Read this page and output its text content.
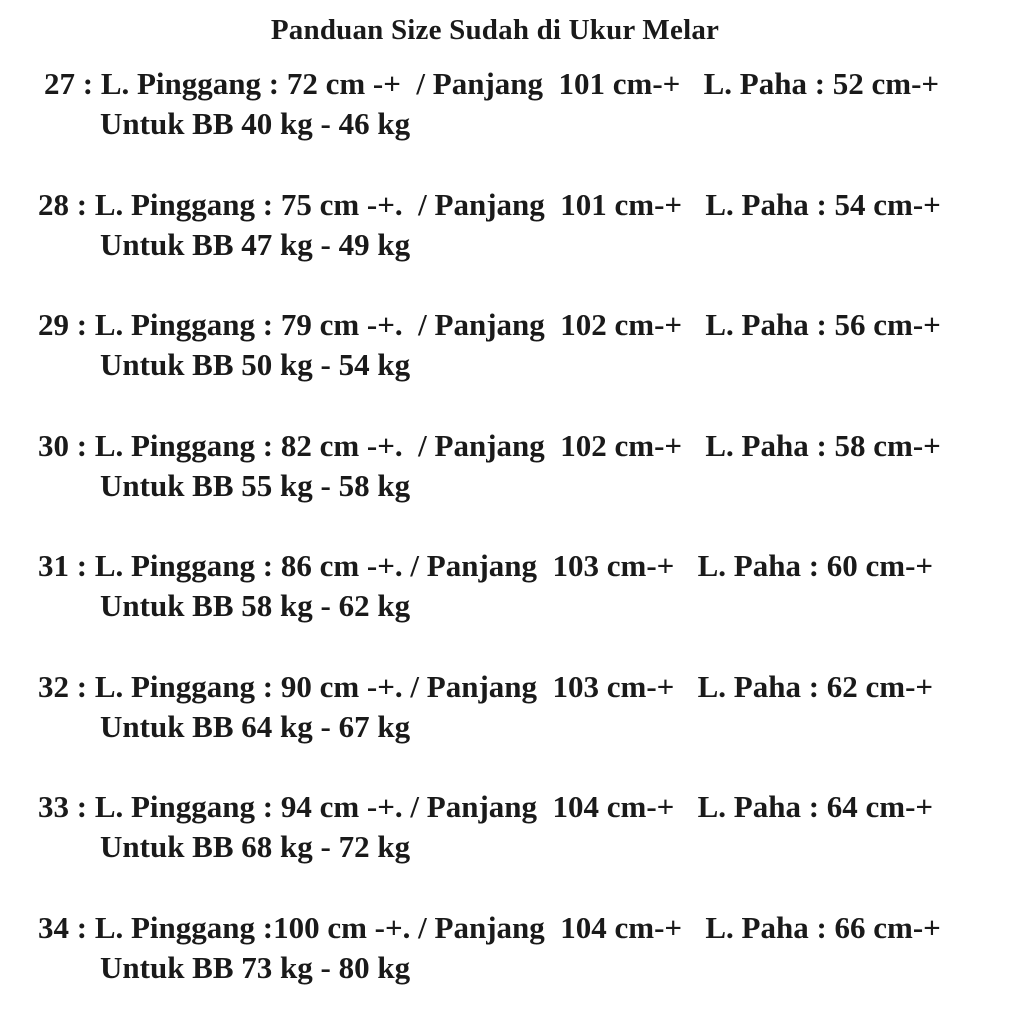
Panduan Size Sudah di Ukur Melar
27 : L. Pinggang : 72 cm -+  / Panjang  101 cm-+   L. Paha : 52 cm-+
Untuk BB 40 kg - 46 kg
28 : L. Pinggang : 75 cm -+.  / Panjang  101 cm-+   L. Paha : 54 cm-+
Untuk BB 47 kg - 49 kg
29 : L. Pinggang : 79 cm -+.  / Panjang  102 cm-+   L. Paha : 56 cm-+
Untuk BB 50 kg - 54 kg
30 : L. Pinggang : 82 cm -+.  / Panjang  102 cm-+   L. Paha : 58 cm-+
Untuk BB 55 kg - 58 kg
31 : L. Pinggang : 86 cm -+. / Panjang  103 cm-+   L. Paha : 60 cm-+
Untuk BB 58 kg - 62 kg
32 : L. Pinggang : 90 cm -+. / Panjang  103 cm-+   L. Paha : 62 cm-+
Untuk BB 64 kg - 67 kg
33 : L. Pinggang : 94 cm -+. / Panjang  104 cm-+   L. Paha : 64 cm-+
Untuk BB 68 kg - 72 kg
34 : L. Pinggang :100 cm -+. / Panjang  104 cm-+   L. Paha : 66 cm-+
Untuk BB 73 kg - 80 kg
